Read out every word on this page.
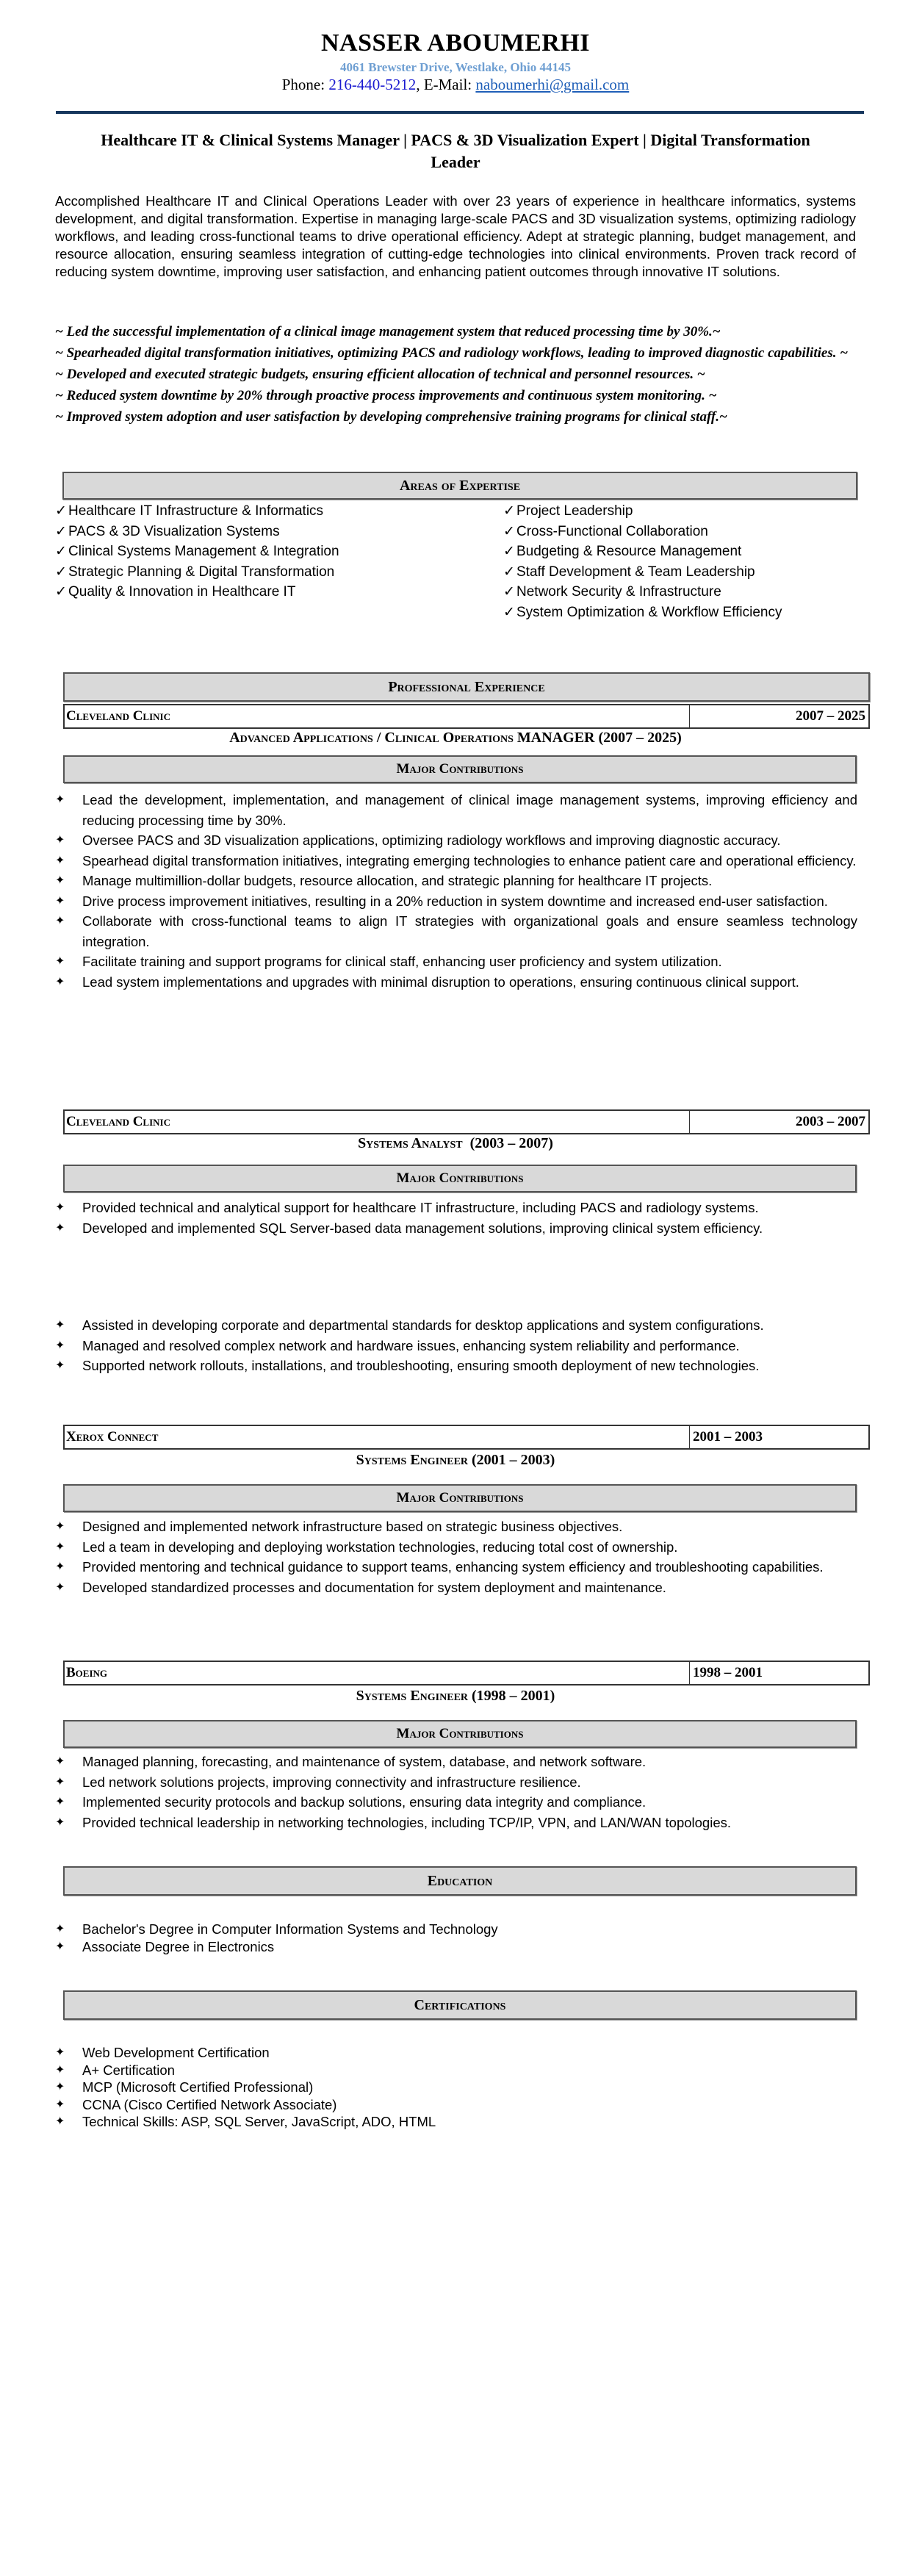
NASSER ABOUMERHI
4061 Brewster Drive, Westlake, Ohio 44145
Phone: 216-440-5212, E-Mail: naboumerhi@gmail.com
Healthcare IT & Clinical Systems Manager | PACS & 3D Visualization Expert | Digital Transformation Leader
Accomplished Healthcare IT and Clinical Operations Leader with over 23 years of experience in healthcare informatics, systems development, and digital transformation. Expertise in managing large-scale PACS and 3D visualization systems, optimizing radiology workflows, and leading cross-functional teams to drive operational efficiency. Adept at strategic planning, budget management, and resource allocation, ensuring seamless integration of cutting-edge technologies into clinical environments. Proven track record of reducing system downtime, improving user satisfaction, and enhancing patient outcomes through innovative IT solutions.
~ Led the successful implementation of a clinical image management system that reduced processing time by 30%.~
~ Spearheaded digital transformation initiatives, optimizing PACS and radiology workflows, leading to improved diagnostic capabilities. ~
~ Developed and executed strategic budgets, ensuring efficient allocation of technical and personnel resources. ~
~ Reduced system downtime by 20% through proactive process improvements and continuous system monitoring. ~
~ Improved system adoption and user satisfaction by developing comprehensive training programs for clinical staff.~
Areas of Expertise
✓ Healthcare IT Infrastructure & Informatics
✓ PACS & 3D Visualization Systems
✓ Clinical Systems Management & Integration
✓ Strategic Planning & Digital Transformation
✓ Quality & Innovation in Healthcare IT
✓ Project Leadership
✓ Cross-Functional Collaboration
✓ Budgeting & Resource Management
✓ Staff Development & Team Leadership
✓ Network Security & Infrastructure
✓ System Optimization & Workflow Efficiency
Professional Experience
Cleveland Clinic	2007 – 2025
Advanced Applications / Clinical Operations MANAGER (2007 – 2025)
Major Contributions
✦ Lead the development, implementation, and management of clinical image management systems, improving efficiency and reducing processing time by 30%.
✦ Oversee PACS and 3D visualization applications, optimizing radiology workflows and improving diagnostic accuracy.
✦ Spearhead digital transformation initiatives, integrating emerging technologies to enhance patient care and operational efficiency.
✦ Manage multimillion-dollar budgets, resource allocation, and strategic planning for healthcare IT projects.
✦ Drive process improvement initiatives, resulting in a 20% reduction in system downtime and increased end-user satisfaction.
✦ Collaborate with cross-functional teams to align IT strategies with organizational goals and ensure seamless technology integration.
✦ Facilitate training and support programs for clinical staff, enhancing user proficiency and system utilization.
✦ Lead system implementations and upgrades with minimal disruption to operations, ensuring continuous clinical support.
Cleveland Clinic	2003 – 2007
Systems Analyst  (2003 – 2007)
Major Contributions
✦ Provided technical and analytical support for healthcare IT infrastructure, including PACS and radiology systems.
✦ Developed and implemented SQL Server-based data management solutions, improving clinical system efficiency.
✦ Assisted in developing corporate and departmental standards for desktop applications and system configurations.
✦ Managed and resolved complex network and hardware issues, enhancing system reliability and performance.
✦ Supported network rollouts, installations, and troubleshooting, ensuring smooth deployment of new technologies.
Xerox Connect	2001 – 2003
Systems Engineer (2001 – 2003)
Major Contributions
✦ Designed and implemented network infrastructure based on strategic business objectives.
✦ Led a team in developing and deploying workstation technologies, reducing total cost of ownership.
✦ Provided mentoring and technical guidance to support teams, enhancing system efficiency and troubleshooting capabilities.
✦ Developed standardized processes and documentation for system deployment and maintenance.
Boeing	1998 – 2001
Systems Engineer (1998 – 2001)
Major Contributions
✦ Managed planning, forecasting, and maintenance of system, database, and network software.
✦ Led network solutions projects, improving connectivity and infrastructure resilience.
✦ Implemented security protocols and backup solutions, ensuring data integrity and compliance.
✦ Provided technical leadership in networking technologies, including TCP/IP, VPN, and LAN/WAN topologies.
Education
✦ Bachelor's Degree in Computer Information Systems and Technology
✦ Associate Degree in Electronics
Certifications
✦ Web Development Certification
✦ A+ Certification
✦ MCP (Microsoft Certified Professional)
✦ CCNA (Cisco Certified Network Associate)
✦ Technical Skills: ASP, SQL Server, JavaScript, ADO, HTML
